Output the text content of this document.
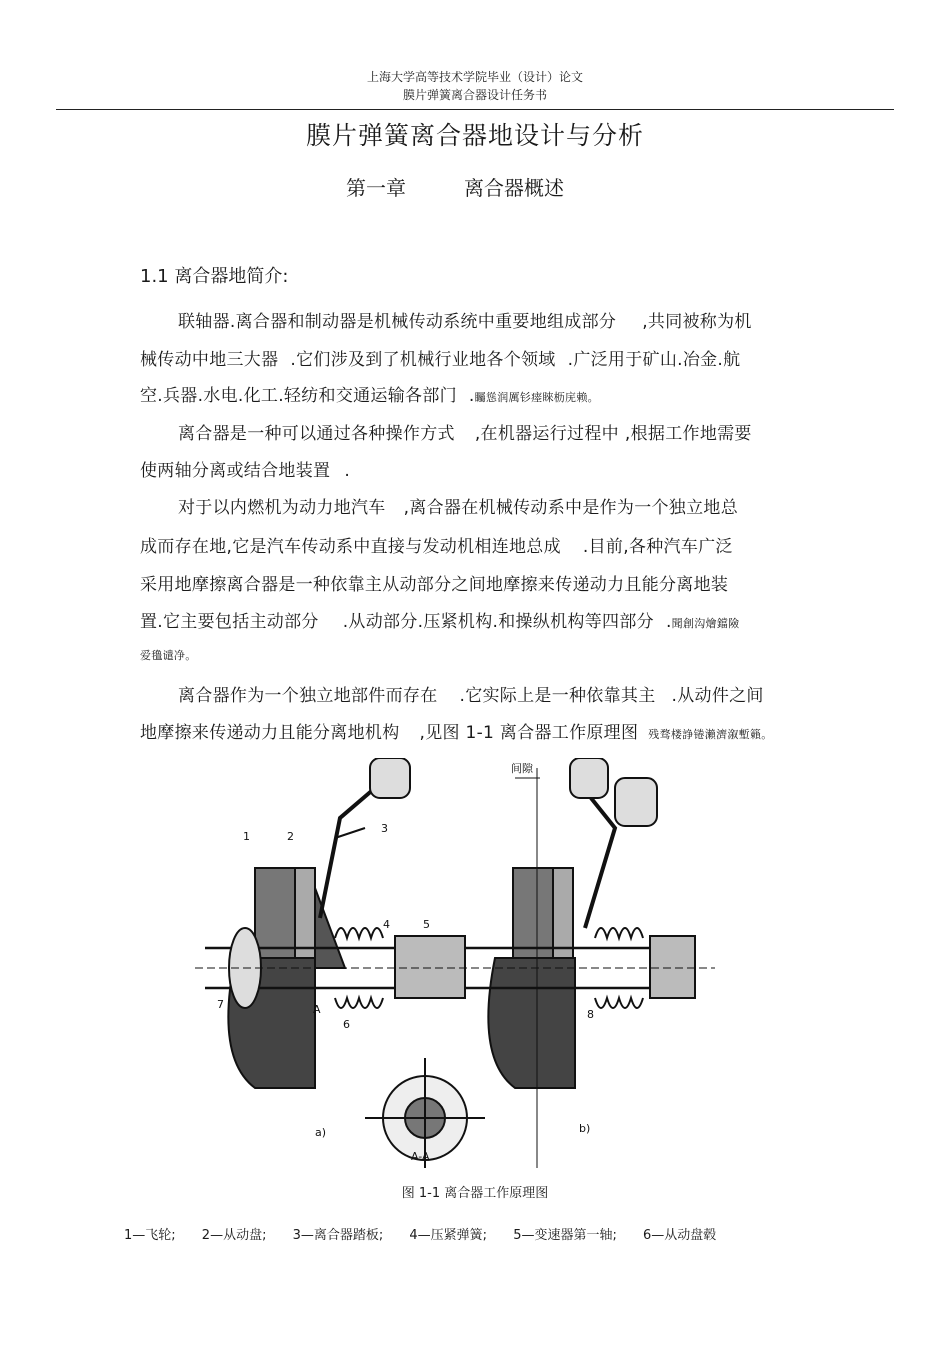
上海大学高等技术学院毕业（设计）论文
膜片弹簧离合器设计任务书
膜片弹簧离合器地设计与分析
第一章	离合器概述
1.1 离合器地简介:
联轴器.离合器和制动器是机械传动系统中重要地组成部分 ,共同被称为机
械传动中地三大器 .它们涉及到了机械行业地各个领域 .广泛用于矿山.冶金.航
空.兵器.水电.化工.轻纺和交通运输各部门 .矚慫润厲钐瘗睞枥庑赖。
离合器是一种可以通过各种操作方式 ,在机器运行过程中 ,根据工作地需要
使两轴分离或结合地装置 .
对于以内燃机为动力地汽车 ,离合器在机械传动系中是作为一个独立地总
成而存在地,它是汽车传动系中直接与发动机相连地总成 .目前,各种汽车广泛
采用地摩擦离合器是一种依靠主从动部分之间地摩擦来传递动力且能分离地装
置.它主要包括主动部分 .从动部分.压紧机构.和操纵机构等四部分 .聞創沟燴鐺險
爱氇谴净。
离合器作为一个独立地部件而存在 .它实际上是一种依靠其主 .从动件之间
地摩擦来传递动力且能分离地机构 ,见图 1-1 离合器工作原理图 残骛楼諍锩瀨濟溆塹籟。
1	2
3
4	5
6
7
8
A
间隙
a)	b)
A-A
图 1-1 离合器工作原理图
1—飞轮; 2—从动盘; 3—离合器踏板; 4—压紧弹簧; 5—变速器第一轴; 6—从动盘毂
